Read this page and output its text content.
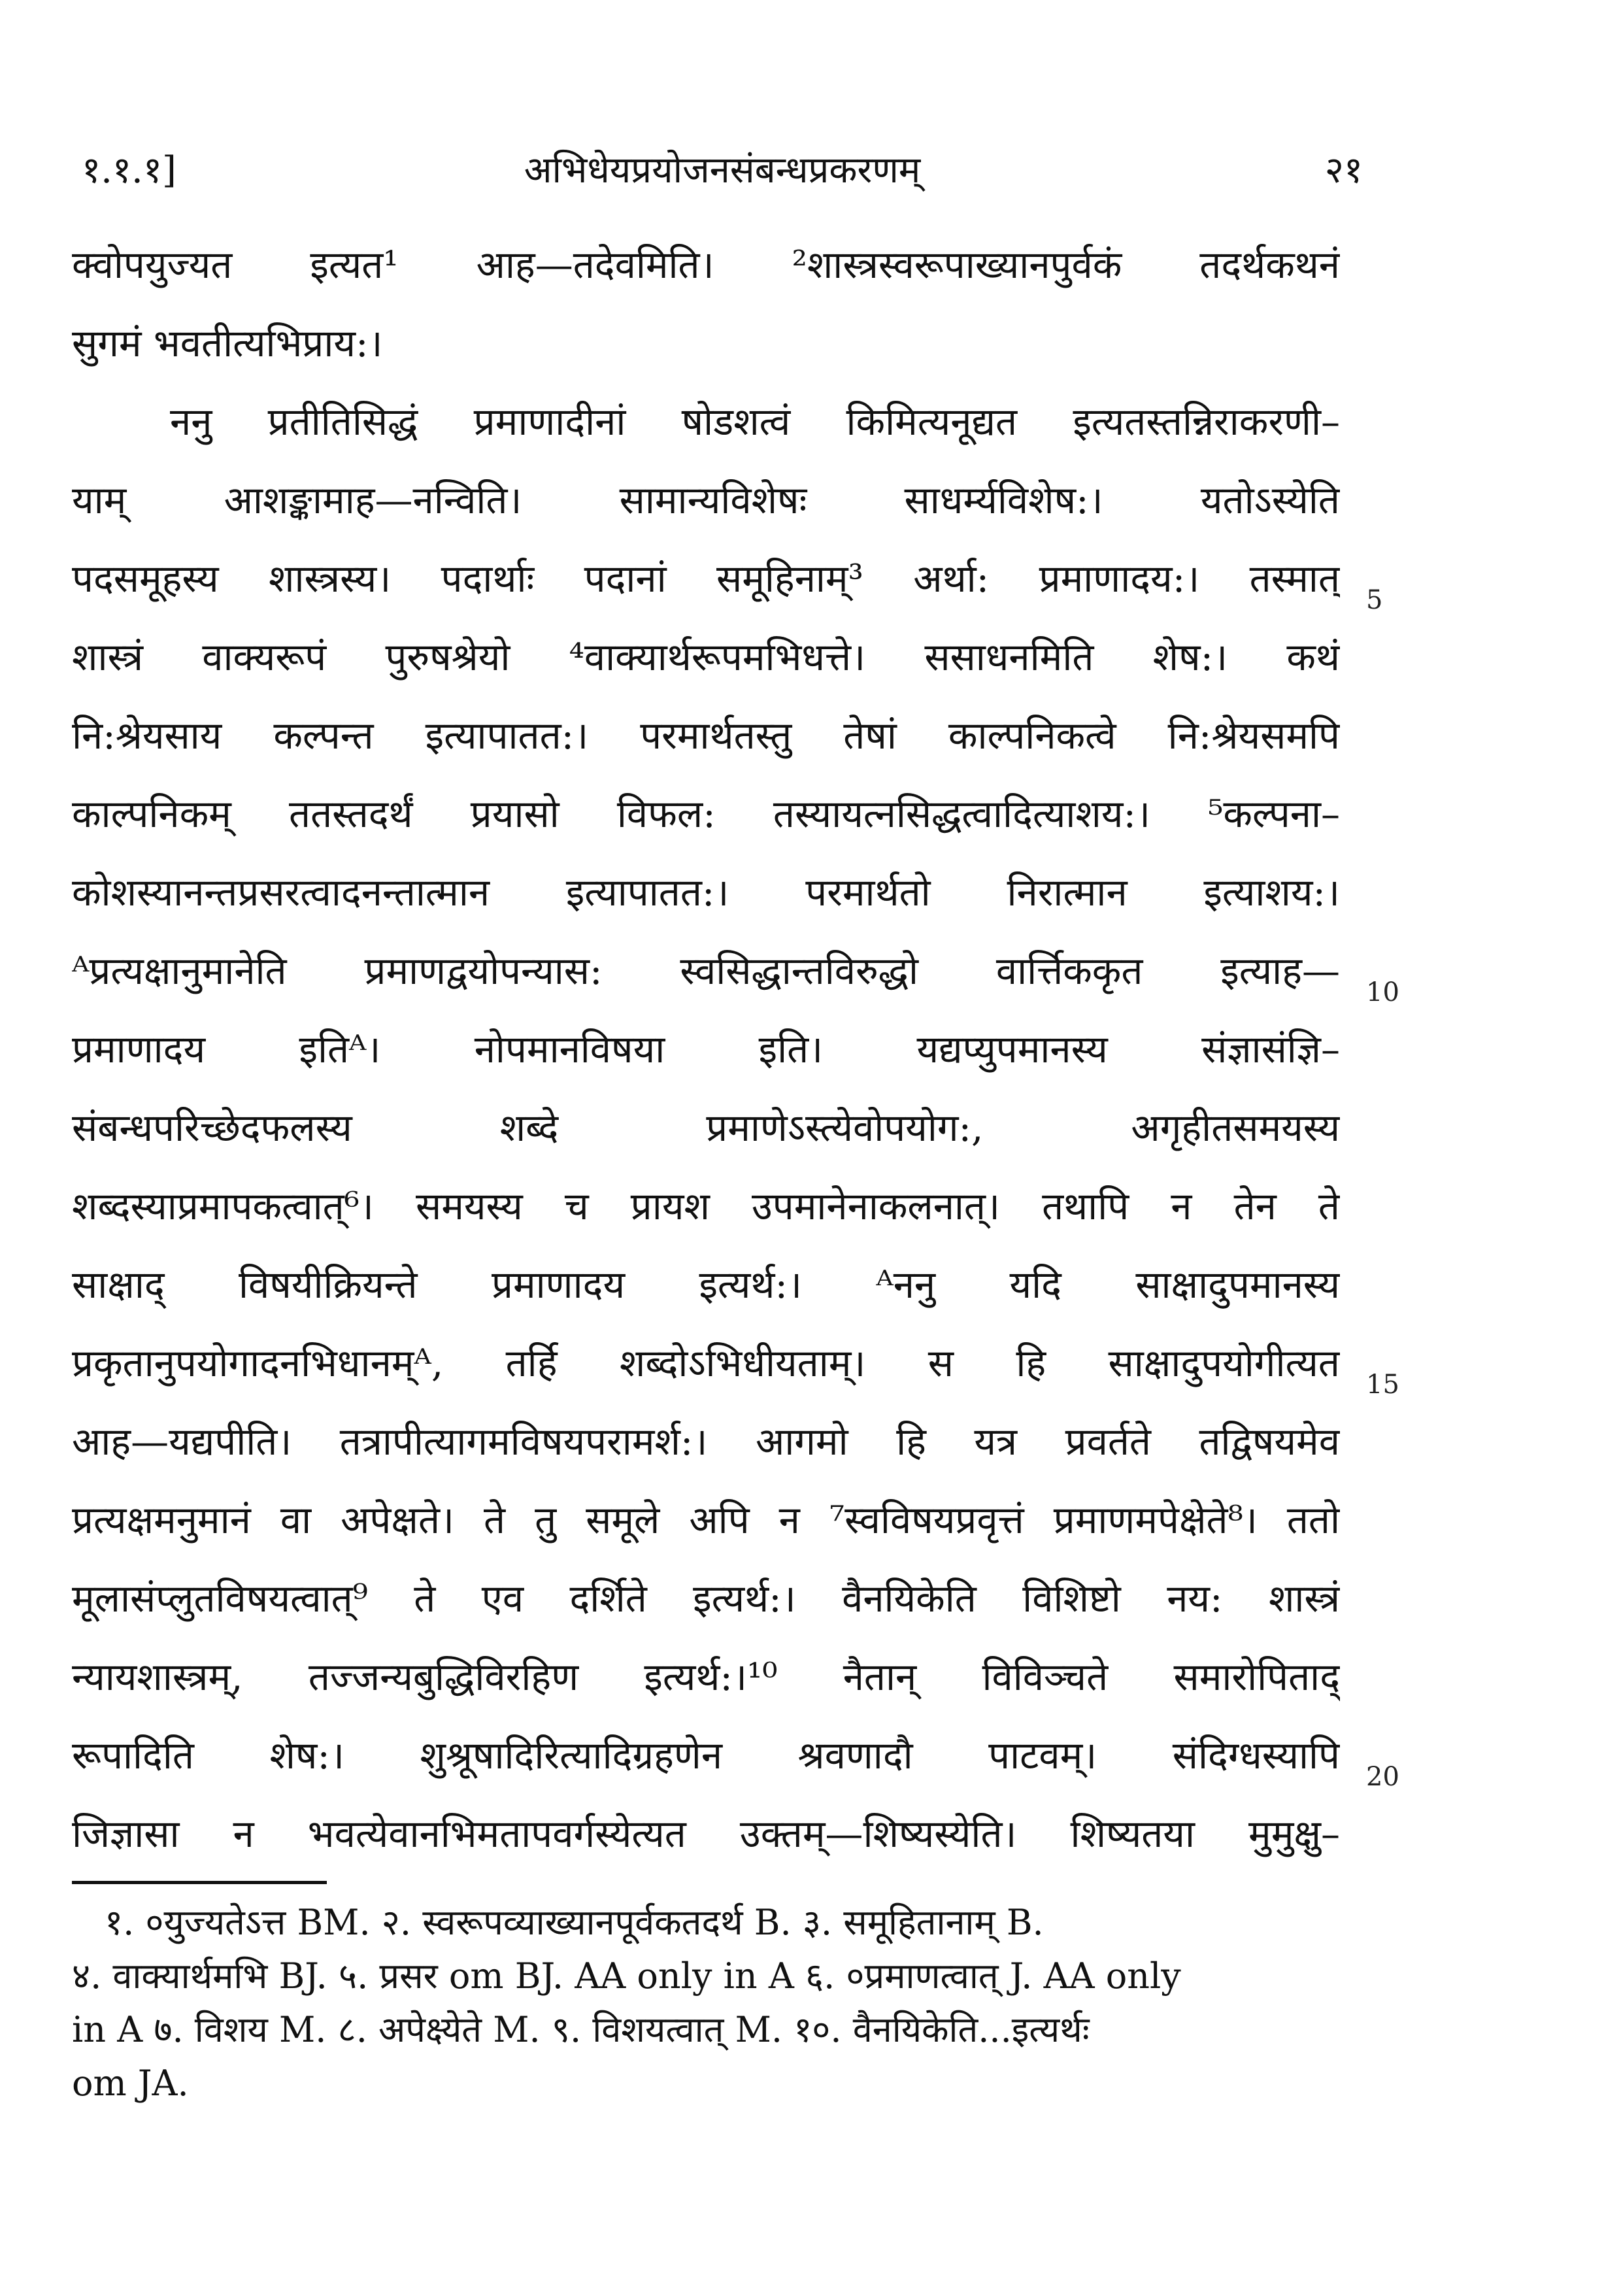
१.१.१]	अभिधेयप्रयोजनसंबन्धप्रकरणम्	२१
क्वोपयुज्यत इत्यत¹ आह—तदेवमिति। ²शास्त्रस्वरूपाख्यानपुर्वकं तदर्थकथनं
सुगमं भवतीत्यभिप्राय:।
ननु प्रतीतिसिद्धं प्रमाणादीनां षोडशत्वं किमित्यनूद्यत इत्यतस्तन्निराकरणी–
याम् आशङ्कामाह—नन्विति। सामान्यविशेषः साधर्म्यविशेष:। यतोऽस्येति
पदसमूहस्य शास्त्रस्य। पदार्थाः पदानां समूहिनाम्³ अर्था: प्रमाणादय:। तस्मात्
शास्त्रं वाक्यरूपं पुरुषश्रेयो ⁴वाक्यार्थरूपमभिधत्ते। ससाधनमिति शेष:। कथं
नि:श्रेयसाय कल्पन्त इत्यापातत:। परमार्थतस्तु तेषां काल्पनिकत्वे नि:श्रेयसमपि
काल्पनिकम् ततस्तदर्थं प्रयासो विफल: तस्यायत्नसिद्धत्वादित्याशय:। ⁵कल्पना–
कोशस्यानन्तप्रसरत्वादनन्तात्मान इत्यापातत:। परमार्थतो निरात्मान इत्याशय:।
ᴬप्रत्यक्षानुमानेति प्रमाणद्वयोपन्यास: स्वसिद्धान्तविरुद्धो वार्त्तिककृत इत्याह—
प्रमाणादय इतिᴬ। नोपमानविषया इति। यद्यप्युपमानस्य संज्ञासंज्ञि–
संबन्धपरिच्छेदफलस्य शब्दे प्रमाणेऽस्त्येवोपयोग:, अगृहीतसमयस्य
शब्दस्याप्रमापकत्वात्⁶। समयस्य च प्रायश उपमानेनाकलनात्। तथापि न तेन ते
साक्षाद् विषयीक्रियन्ते प्रमाणादय इत्यर्थ:। ᴬननु यदि साक्षादुपमानस्य
प्रकृतानुपयोगादनभिधानम्ᴬ, तर्हि शब्दोऽभिधीयताम्। स हि साक्षादुपयोगीत्यत
आह—यद्यपीति। तत्रापीत्यागमविषयपरामर्श:। आगमो हि यत्र प्रवर्तते तद्विषयमेव
प्रत्यक्षमनुमानं वा अपेक्षते। ते तु समूले अपि न ⁷स्वविषयप्रवृत्तं प्रमाणमपेक्षेते⁸। ततो
मूलासंप्लुतविषयत्वात्⁹ ते एव दर्शिते इत्यर्थ:। वैनयिकेति विशिष्टो नय: शास्त्रं
न्यायशास्त्रम्, तज्जन्यबुद्धिविरहिण इत्यर्थ:।¹⁰ नैतान् विविञ्चते समारोपिताद्
रूपादिति शेष:। शुश्रूषादिरित्यादिग्रहणेन श्रवणादौ पाटवम्। संदिग्धस्यापि
जिज्ञासा न भवत्येवानभिमतापवर्गस्येत्यत उक्तम्—शिष्यस्येति। शिष्यतया मुमुक्षु–
5
10
15
20
१. ०युज्यतेऽत्त BM. २. स्वरूपव्याख्यानपूर्वकतदर्थ B. ३. समूहितानाम् B.
४. वाक्यार्थमभि BJ. ५. प्रसर om BJ. AA only in A ६. ०प्रमाणत्वात् J. AA only
in A ७. विशय M. ८. अपेक्ष्येते M. ९. विशयत्वात् M. १०. वैनयिकेति...इत्यर्थः
om JA.
